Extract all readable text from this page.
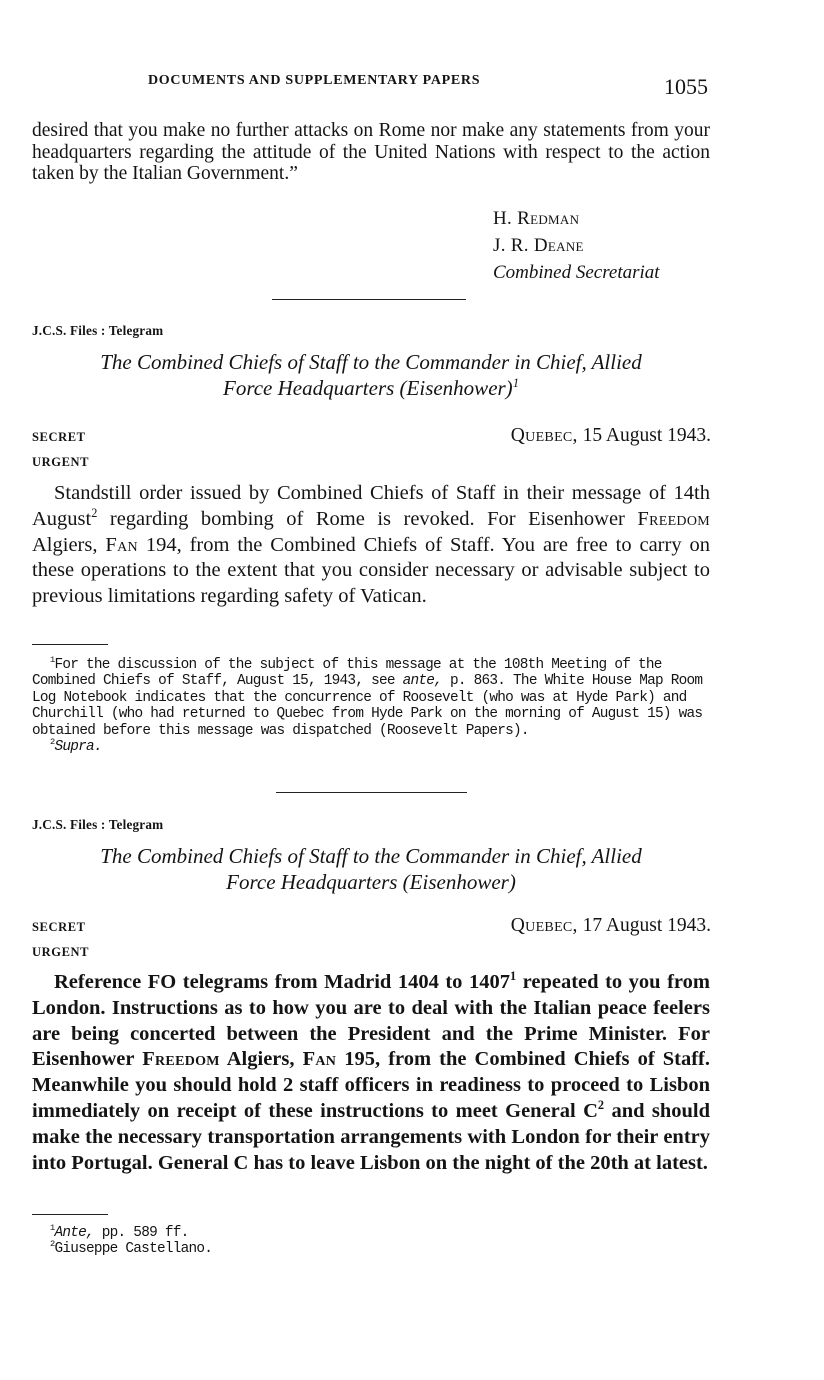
DOCUMENTS AND SUPPLEMENTARY PAPERS	1055

desired that you make no further attacks on Rome nor make any statements from your headquarters regarding the attitude of the United Nations with respect to the action taken by the Italian Government.”

H. Redman
J. R. Deane
Combined Secretariat
J.C.S. Files : Telegram
The Combined Chiefs of Staff to the Commander in Chief, Allied
Force Headquarters (Eisenhower)$^1$
SECRET
URGENT
Quebec, 15 August 1943.

Standstill order issued by Combined Chiefs of Staff in their message of 14th August$^2$ regarding bombing of Rome is revoked. For Eisenhower Freedom Algiers, Fan 194, from the Combined Chiefs of Staff. You are free to carry on these operations to the extent that you consider necessary or advisable subject to previous limitations regarding safety of Vatican.

$^1$For the discussion of the subject of this message at the 108th Meeting of the Combined Chiefs of Staff, August 15, 1943, see ante, p. 863. The White House Map Room Log Notebook indicates that the concurrence of Roosevelt (who was at Hyde Park) and Churchill (who had returned to Quebec from Hyde Park on the morning of August 15) was obtained before this message was dispatched (Roosevelt Papers).

$^2$Supra.

J.C.S. Files : Telegram
The Combined Chiefs of Staff to the Commander in Chief, Allied
Force Headquarters (Eisenhower)
SECRET
URGENT
Quebec, 17 August 1943.

Reference FO telegrams from Madrid 1404 to 1407$^1$ repeated to you from London. Instructions as to how you are to deal with the Italian peace feelers are being concerted between the President and the Prime Minister. For Eisenhower Freedom Algiers, Fan 195, from the Combined Chiefs of Staff. Meanwhile you should hold 2 staff officers in readiness to proceed to Lisbon immediately on receipt of these instructions to meet General $C^2$ and should make the necessary transportation arrangements with London for their entry into Portugal. General C has to leave Lisbon on the night of the 20th at latest.

$^1$Ante, pp. 589 ff.

$^2$Giuseppe Castellano.
